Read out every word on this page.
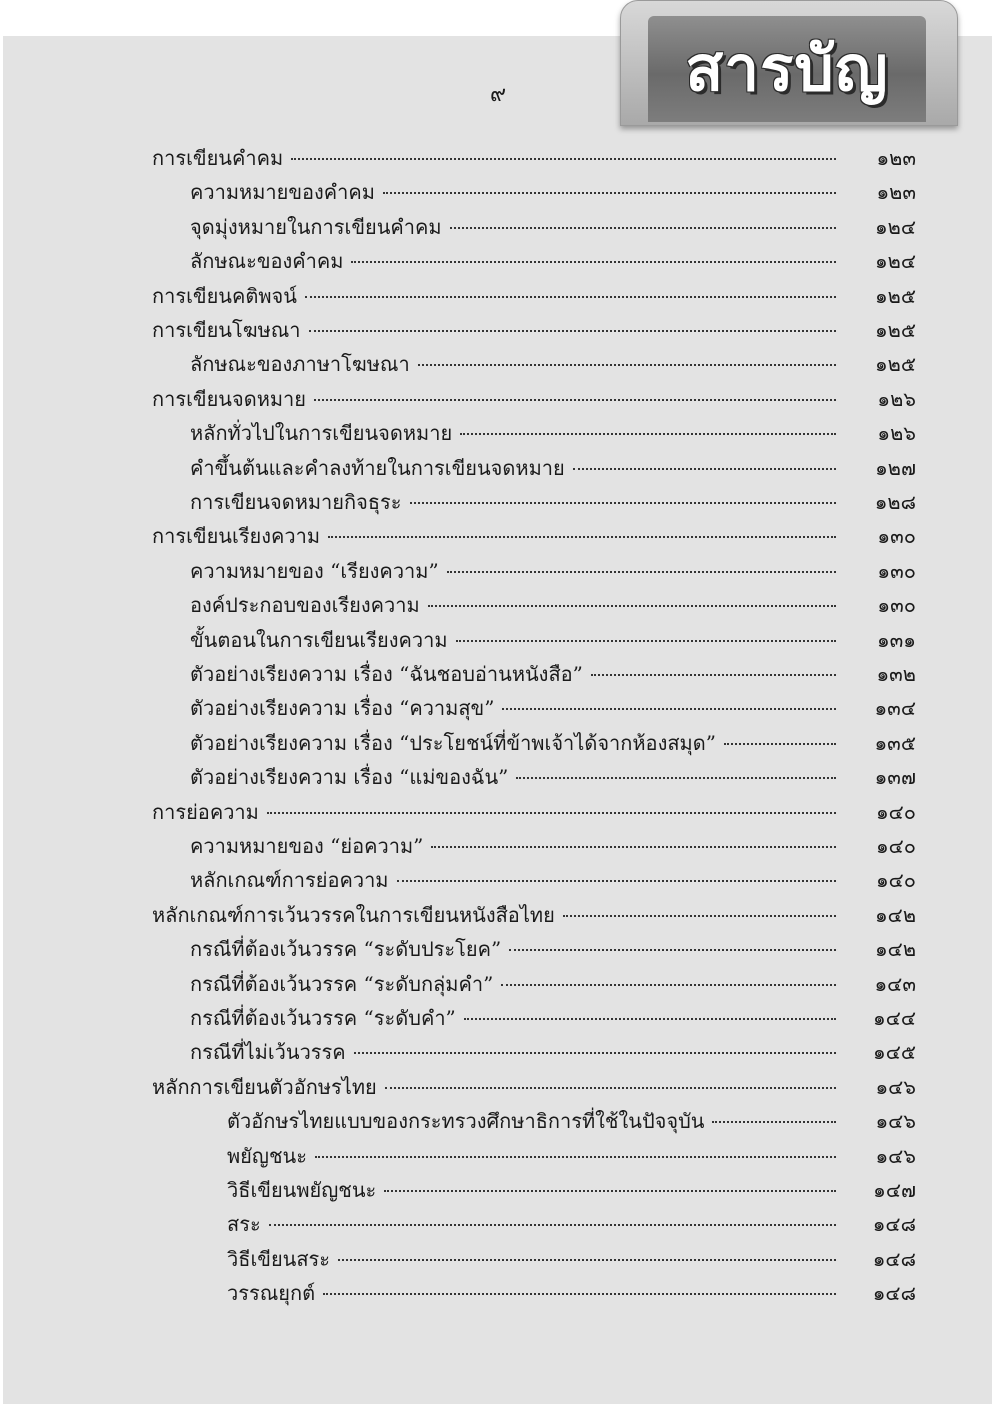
สารบัญ
๙
การเขียนคำคม	๑๒๓
ความหมายของคำคม	๑๒๓
จุดมุ่งหมายในการเขียนคำคม	๑๒๔
ลักษณะของคำคม	๑๒๔
การเขียนคติพจน์	๑๒๕
การเขียนโฆษณา	๑๒๕
ลักษณะของภาษาโฆษณา	๑๒๕
การเขียนจดหมาย	๑๒๖
หลักทั่วไปในการเขียนจดหมาย	๑๒๖
คำขึ้นต้นและคำลงท้ายในการเขียนจดหมาย	๑๒๗
การเขียนจดหมายกิจธุระ	๑๒๘
การเขียนเรียงความ	๑๓๐
ความหมายของ “เรียงความ”	๑๓๐
องค์ประกอบของเรียงความ	๑๓๐
ขั้นตอนในการเขียนเรียงความ	๑๓๑
ตัวอย่างเรียงความ เรื่อง “ฉันชอบอ่านหนังสือ”	๑๓๒
ตัวอย่างเรียงความ เรื่อง “ความสุข”	๑๓๔
ตัวอย่างเรียงความ เรื่อง “ประโยชน์ที่ข้าพเจ้าได้จากห้องสมุด”	๑๓๕
ตัวอย่างเรียงความ เรื่อง “แม่ของฉัน”	๑๓๗
การย่อความ	๑๔๐
ความหมายของ “ย่อความ”	๑๔๐
หลักเกณฑ์การย่อความ	๑๔๐
หลักเกณฑ์การเว้นวรรคในการเขียนหนังสือไทย	๑๔๒
กรณีที่ต้องเว้นวรรค “ระดับประโยค”	๑๔๒
กรณีที่ต้องเว้นวรรค “ระดับกลุ่มคำ”	๑๔๓
กรณีที่ต้องเว้นวรรค “ระดับคำ”	๑๔๔
กรณีที่ไม่เว้นวรรค	๑๔๕
หลักการเขียนตัวอักษรไทย	๑๔๖
ตัวอักษรไทยแบบของกระทรวงศึกษาธิการที่ใช้ในปัจจุบัน	๑๔๖
พยัญชนะ	๑๔๖
วิธีเขียนพยัญชนะ	๑๔๗
สระ	๑๔๘
วิธีเขียนสระ	๑๔๘
วรรณยุกต์	๑๔๘
